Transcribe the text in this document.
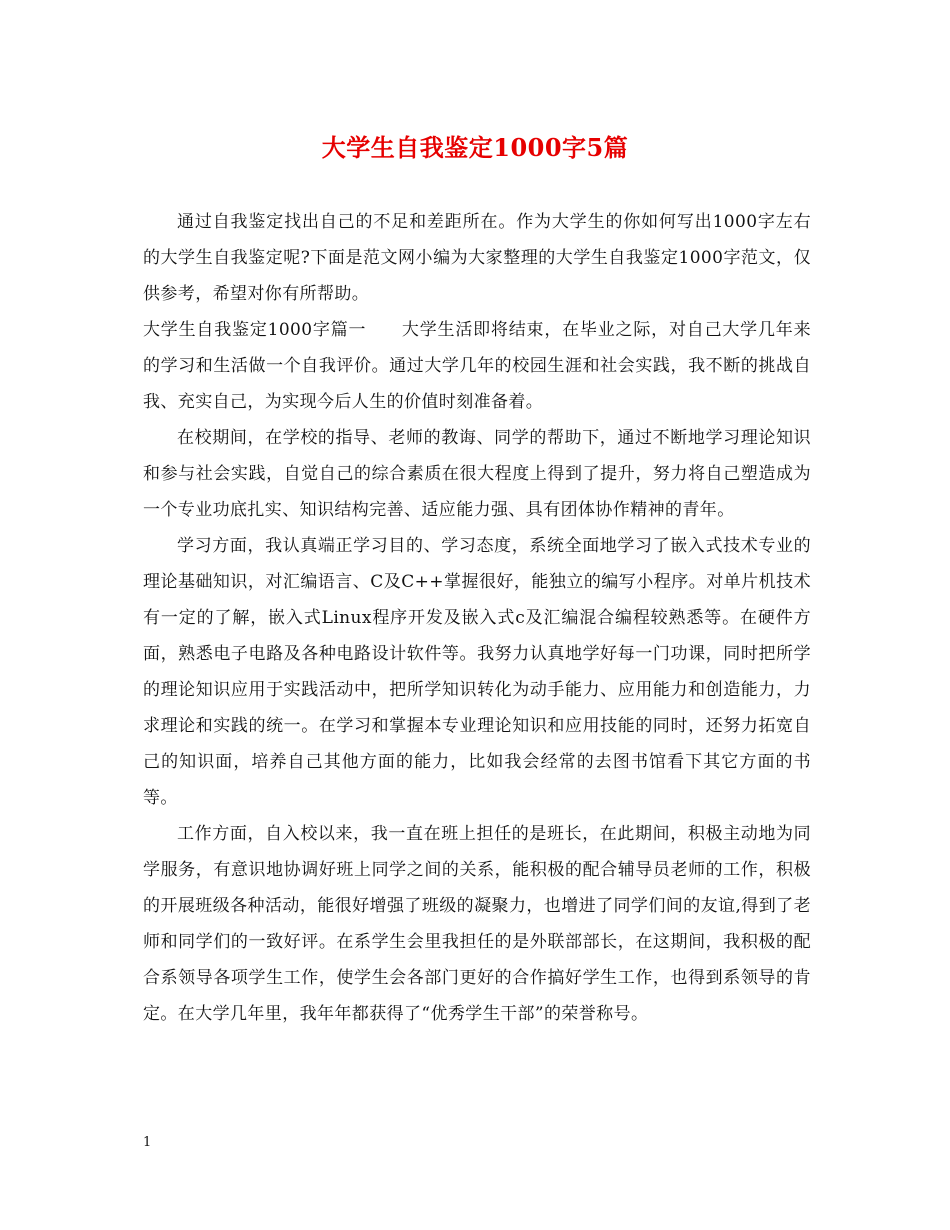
大学生自我鉴定1000字5篇

通过自我鉴定找出自己的不足和差距所在。作为大学生的你如何写出1000字左右的大学生自我鉴定呢?下面是范文网小编为大家整理的大学生自我鉴定1000字范文，仅供参考，希望对你有所帮助。

大学生自我鉴定1000字篇一　　大学生活即将结束，在毕业之际，对自己大学几年来的学习和生活做一个自我评价。通过大学几年的校园生涯和社会实践，我不断的挑战自我、充实自己，为实现今后人生的价值时刻准备着。

在校期间，在学校的指导、老师的教诲、同学的帮助下，通过不断地学习理论知识和参与社会实践，自觉自己的综合素质在很大程度上得到了提升，努力将自己塑造成为一个专业功底扎实、知识结构完善、适应能力强、具有团体协作精神的青年。

学习方面，我认真端正学习目的、学习态度，系统全面地学习了嵌入式技术专业的理论基础知识，对汇编语言、C及C++掌握很好，能独立的编写小程序。对单片机技术有一定的了解，嵌入式Linux程序开发及嵌入式c及汇编混合编程较熟悉等。在硬件方面，熟悉电子电路及各种电路设计软件等。我努力认真地学好每一门功课，同时把所学的理论知识应用于实践活动中，把所学知识转化为动手能力、应用能力和创造能力，力求理论和实践的统一。在学习和掌握本专业理论知识和应用技能的同时，还努力拓宽自己的知识面，培养自己其他方面的能力，比如我会经常的去图书馆看下其它方面的书等。

工作方面，自入校以来，我一直在班上担任的是班长，在此期间，积极主动地为同学服务，有意识地协调好班上同学之间的关系，能积极的配合辅导员老师的工作，积极的开展班级各种活动，能很好增强了班级的凝聚力，也增进了同学们间的友谊,得到了老师和同学们的一致好评。在系学生会里我担任的是外联部部长，在这期间，我积极的配合系领导各项学生工作，使学生会各部门更好的合作搞好学生工作，也得到系领导的肯定。在大学几年里，我年年都获得了“优秀学生干部”的荣誉称号。

1
